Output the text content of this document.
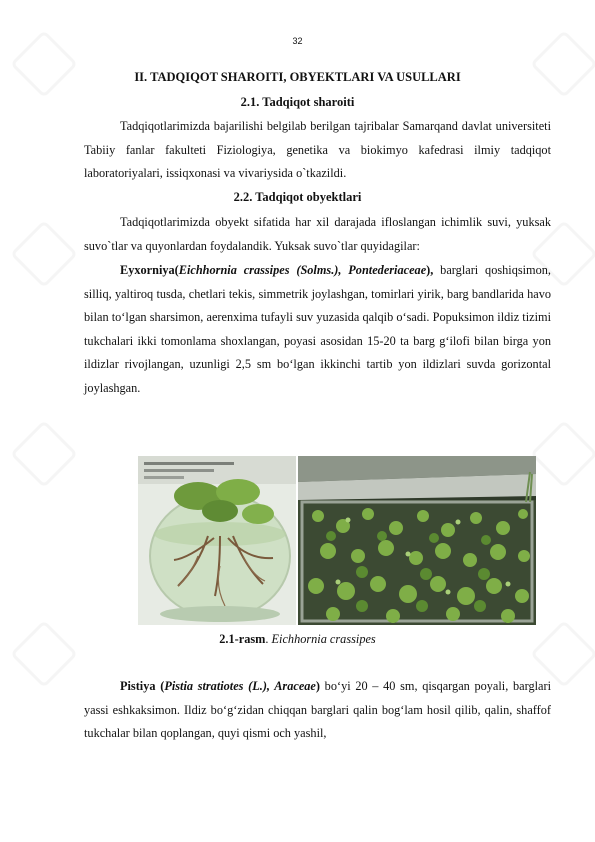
32
II. TADQIQOT SHAROITI, OBYEKTLARI VA USULLARI
2.1. Tadqiqot sharoiti

Tadqiqotlarimizda bajarilishi belgilab berilgan tajribalar Samarqand davlat universiteti Tabiiy fanlar fakulteti Fiziologiya, genetika va biokimyo kafedrasi ilmiy tadqiqot laboratoriyalari, issiqxonasi va vivariysida o`tkazildi.

2.2. Tadqiqot obyektlari

Tadqiqotlarimizda obyekt sifatida har xil darajada ifloslangan ichimlik suvi, yuksak suvo`tlar va quyonlardan foydalandik. Yuksak suvo`tlar quyidagilar:

Eyxorniya(Eichhornia crassipes (Solms.), Pontederiaceae), barglari qoshiqsimon, silliq, yaltiroq tusda, chetlari tekis, simmetrik joylashgan, tomirlari yirik, barg bandlarida havo bilan to‘lgan sharsimon, aerenxima tufayli suv yuzasida qalqib o‘sadi. Popuksimon ildiz tizimi tukchalari ikki tomonlama shoxlangan, poyasi asosidan 15-20 ta barg g‘ilofi bilan birga yon ildizlar rivojlangan, uzunligi 2,5 sm bo‘lgan ikkinchi tartib yon ildizlari suvda gorizontal joylashgan.

2.1-rasm. Eichhornia crassipes

Pistiya (Pistia stratiotes (L.), Araceae) bo‘yi 20 – 40 sm, qisqargan poyali, barglari yassi eshkaksimon. Ildiz bo‘g‘zidan chiqqan barglari qalin bog‘lam hosil qilib, qalin, shaffof tukchalar bilan qoplangan, quyi qismi och yashil,
